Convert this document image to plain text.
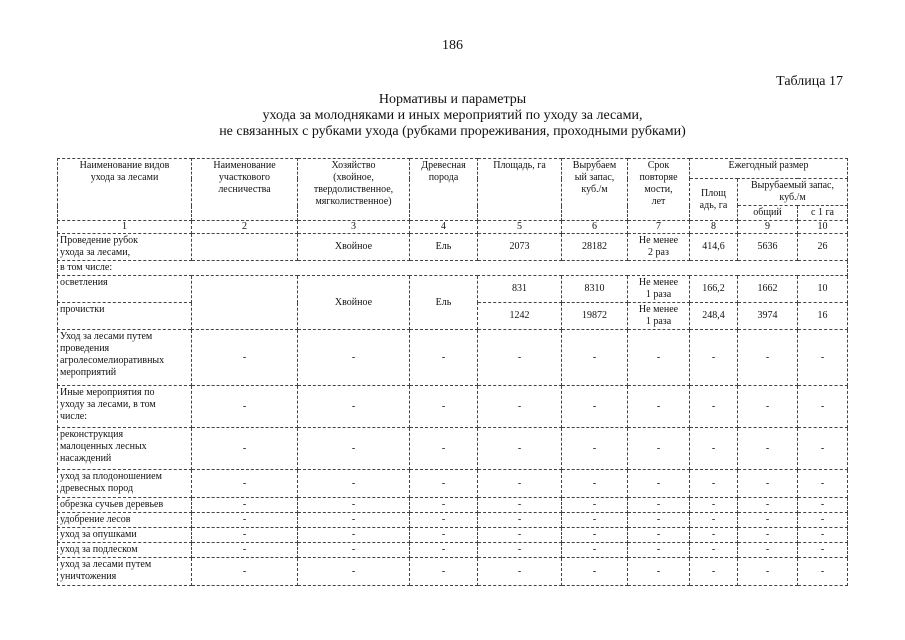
186
Таблица 17
Нормативы и параметры
ухода за молодняками и иных мероприятий по уходу за лесами,
не связанных с рубками ухода (рубками прореживания, проходными рубками)
Наименование видов
ухода за лесами	Наименование
участкового
лесничества	Хозяйство
(хвойное,
твердолиственное,
мягколиственное)	Древесная
порода	Площадь, га	Вырубаем
ый запас,
куб./м	Срок
повторяе
мости,
лет	Ежегодный размер		
							Площ
адь, га	Вырубаемый запас,
куб./м	
								общий	с 1 га
1	2	3	4	5	6	7	8	9	10
Проведение рубок
ухода за лесами,		Хвойное	Ель	2073	28182	Не менее
2 раз	414,6	5636	26
в том числе:									
осветления		Хвойное	Ель	831	8310	Не менее
1 раза	166,2	1662	10
прочистки				1242	19872	Не менее
1 раза	248,4	3974	16
Уход за лесами путем
проведения
агролесомелиоративных
мероприятий	-	-	-	-	-	-	-	-	-
Иные мероприятия по
уходу за лесами, в том
числе:	-	-	-	-	-	-	-	-	-
реконструкция
малоценных лесных
насаждений	-	-	-	-	-	-	-	-	-
уход за плодоношением
древесных пород	-	-	-	-	-	-	-	-	-
обрезка сучьев деревьев	-	-	-	-	-	-	-	-	-
удобрение лесов	-	-	-	-	-	-	-	-	-
уход за опушками	-	-	-	-	-	-	-	-	-
уход за подлеском	-	-	-	-	-	-	-	-	-
уход за лесами путем
уничтожения	-	-	-	-	-	-	-	-	-
